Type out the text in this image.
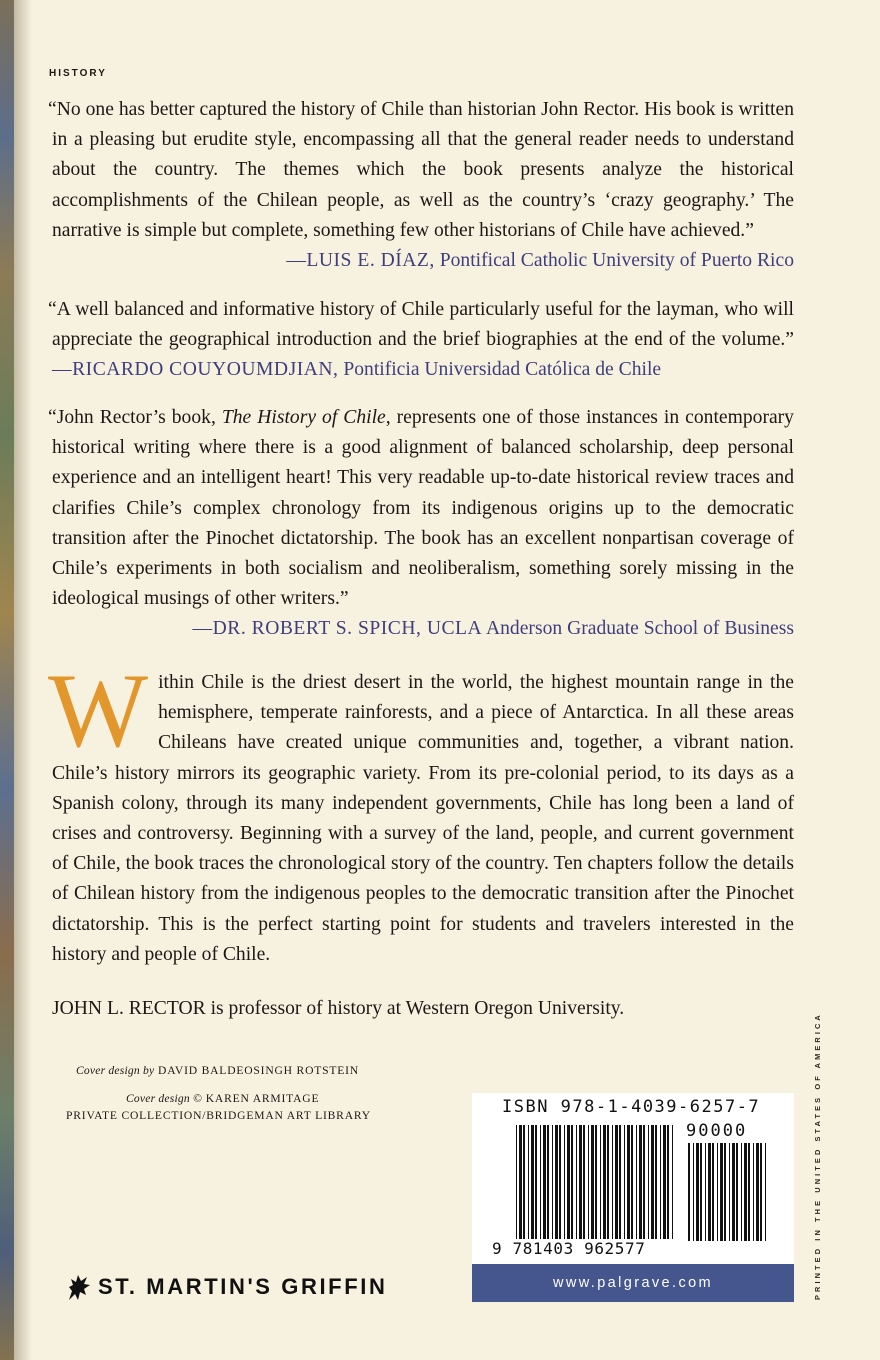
HISTORY
“No one has better captured the history of Chile than historian John Rector. His book is written in a pleasing but erudite style, encompassing all that the general reader needs to understand about the country. The themes which the book presents analyze the historical accomplishments of the Chilean people, as well as the country’s ‘crazy geography.’ The narrative is simple but complete, something few other historians of Chile have achieved.”
—LUIS E. DÍAZ, Pontifical Catholic University of Puerto Rico
“A well balanced and informative history of Chile particularly useful for the layman, who will appreciate the geographical introduction and the brief biographies at the end of the volume.” —RICARDO COUYOUMDJIAN, Pontificia Universidad Católica de Chile
“John Rector’s book, The History of Chile, represents one of those instances in contemporary historical writing where there is a good alignment of balanced scholarship, deep personal experience and an intelligent heart! This very readable up-to-date historical review traces and clarifies Chile’s complex chronology from its indigenous origins up to the democratic transition after the Pinochet dictatorship. The book has an excellent nonpartisan coverage of Chile’s experiments in both socialism and neoliberalism, something sorely missing in the ideological musings of other writers.”
—DR. ROBERT S. SPICH, UCLA Anderson Graduate School of Business
W ithin Chile is the driest desert in the world, the highest mountain range in the hemisphere, temperate rainforests, and a piece of Antarctica. In all these areas Chileans have created unique communities and, together, a vibrant nation. Chile’s history mirrors its geographic variety. From its pre-colonial period, to its days as a Spanish colony, through its many independent governments, Chile has long been a land of crises and controversy. Beginning with a survey of the land, people, and current government of Chile, the book traces the chronological story of the country. Ten chapters follow the details of Chilean history from the indigenous peoples to the democratic transition after the Pinochet dictatorship. This is the perfect starting point for students and travelers interested in the history and people of Chile.
JOHN L. RECTOR is professor of history at Western Oregon University.
Cover design by DAVID BALDEOSINGH ROTSTEIN
Cover design © KAREN ARMITAGE
PRIVATE COLLECTION/BRIDGEMAN ART LIBRARY
ST. MARTIN'S GRIFFIN
ISBN 978-1-4039-6257-7
90000
9 781403 962577
www.palgrave.com	PRINTED IN THE UNITED STATES OF AMERICA
